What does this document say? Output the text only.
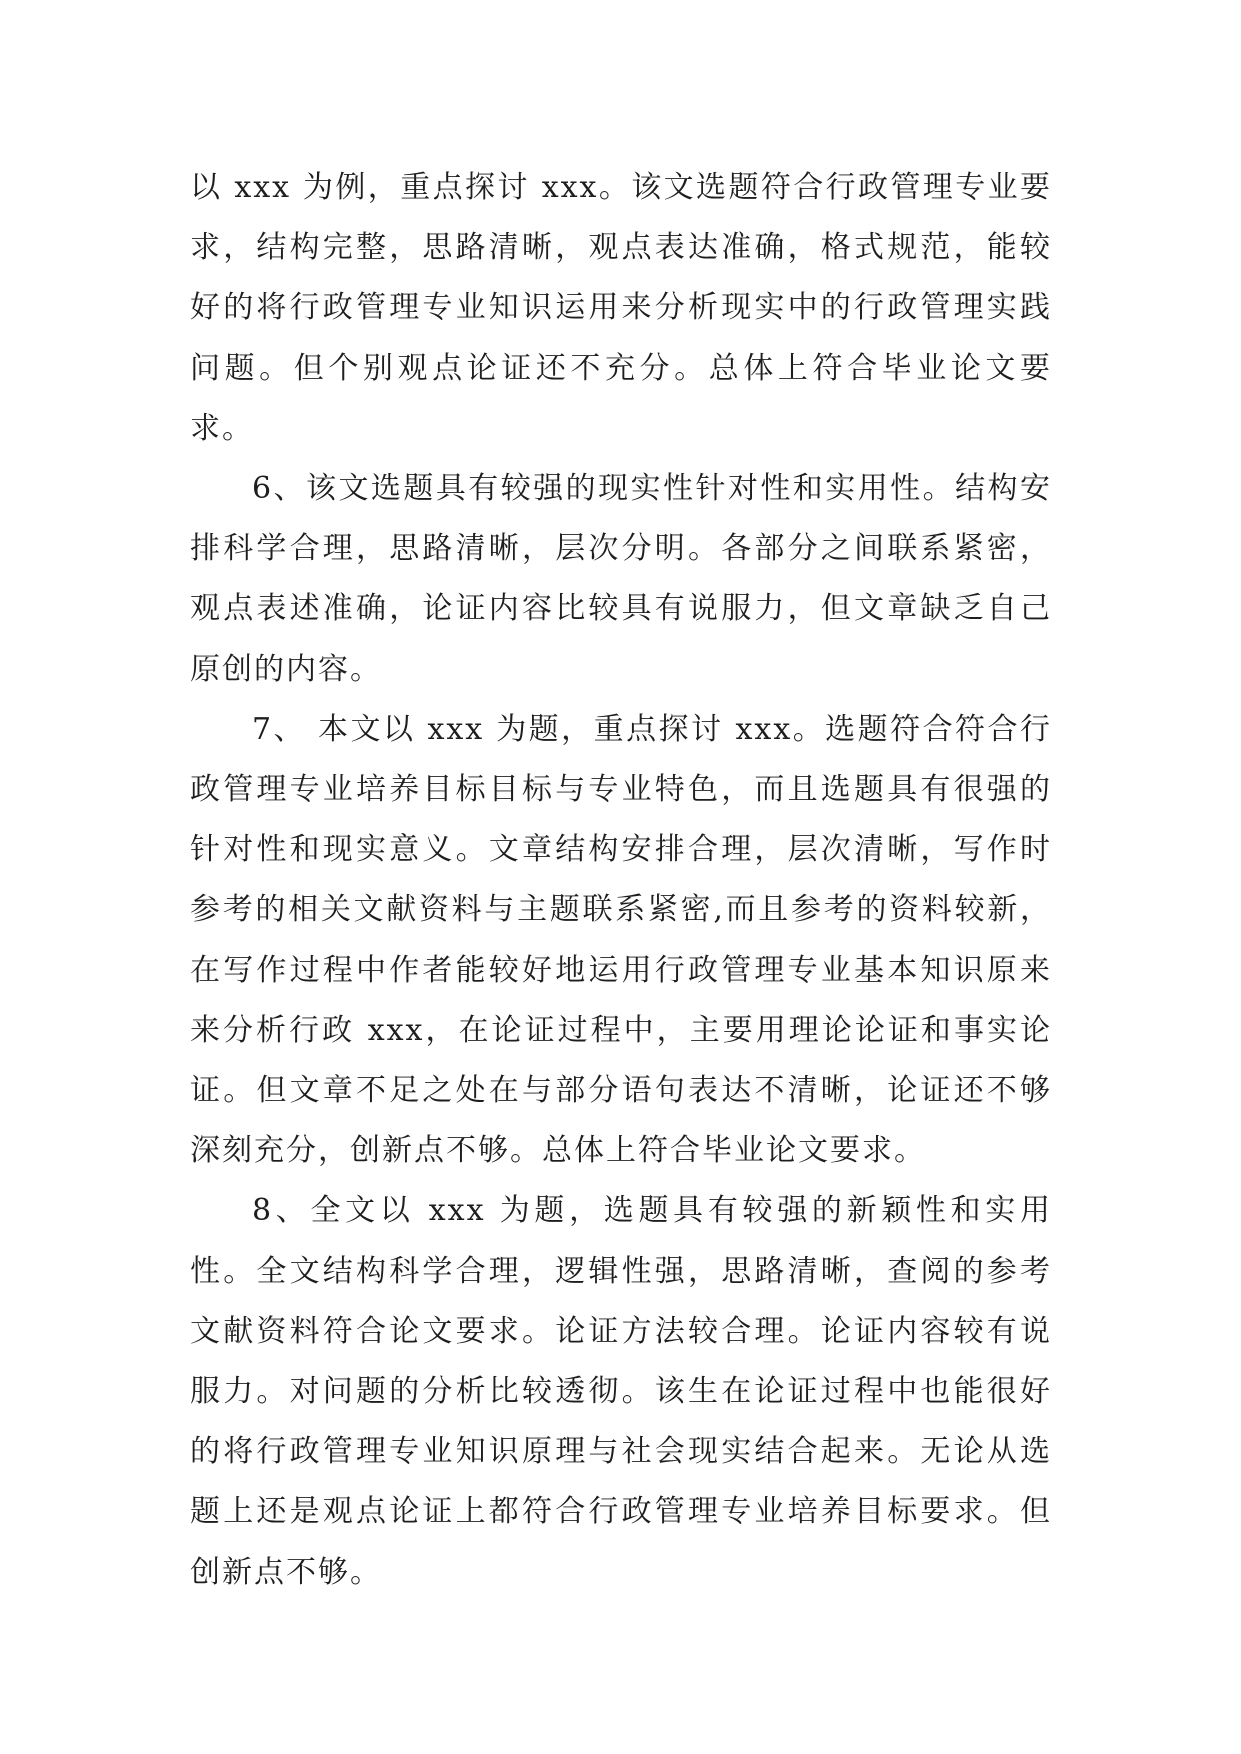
以 xxx 为例，重点探讨 xxx。该文选题符合行政管理专业要求，结构完整，思路清晰，观点表达准确，格式规范，能较好的将行政管理专业知识运用来分析现实中的行政管理实践问题。但个别观点论证还不充分。总体上符合毕业论文要求。

6、该文选题具有较强的现实性针对性和实用性。结构安排科学合理，思路清晰，层次分明。各部分之间联系紧密，观点表述准确，论证内容比较具有说服力，但文章缺乏自己原创的内容。

7、 本文以 xxx 为题，重点探讨 xxx。选题符合符合行政管理专业培养目标目标与专业特色，而且选题具有很强的针对性和现实意义。文章结构安排合理，层次清晰，写作时参考的相关文献资料与主题联系紧密,而且参考的资料较新，在写作过程中作者能较好地运用行政管理专业基本知识原来来分析行政 xxx，在论证过程中，主要用理论论证和事实论证。但文章不足之处在与部分语句表达不清晰，论证还不够深刻充分，创新点不够。总体上符合毕业论文要求。

8、全文以 xxx 为题，选题具有较强的新颖性和实用性。全文结构科学合理，逻辑性强，思路清晰，查阅的参考文献资料符合论文要求。论证方法较合理。论证内容较有说服力。对问题的分析比较透彻。该生在论证过程中也能很好的将行政管理专业知识原理与社会现实结合起来。无论从选题上还是观点论证上都符合行政管理专业培养目标要求。但创新点不够。
